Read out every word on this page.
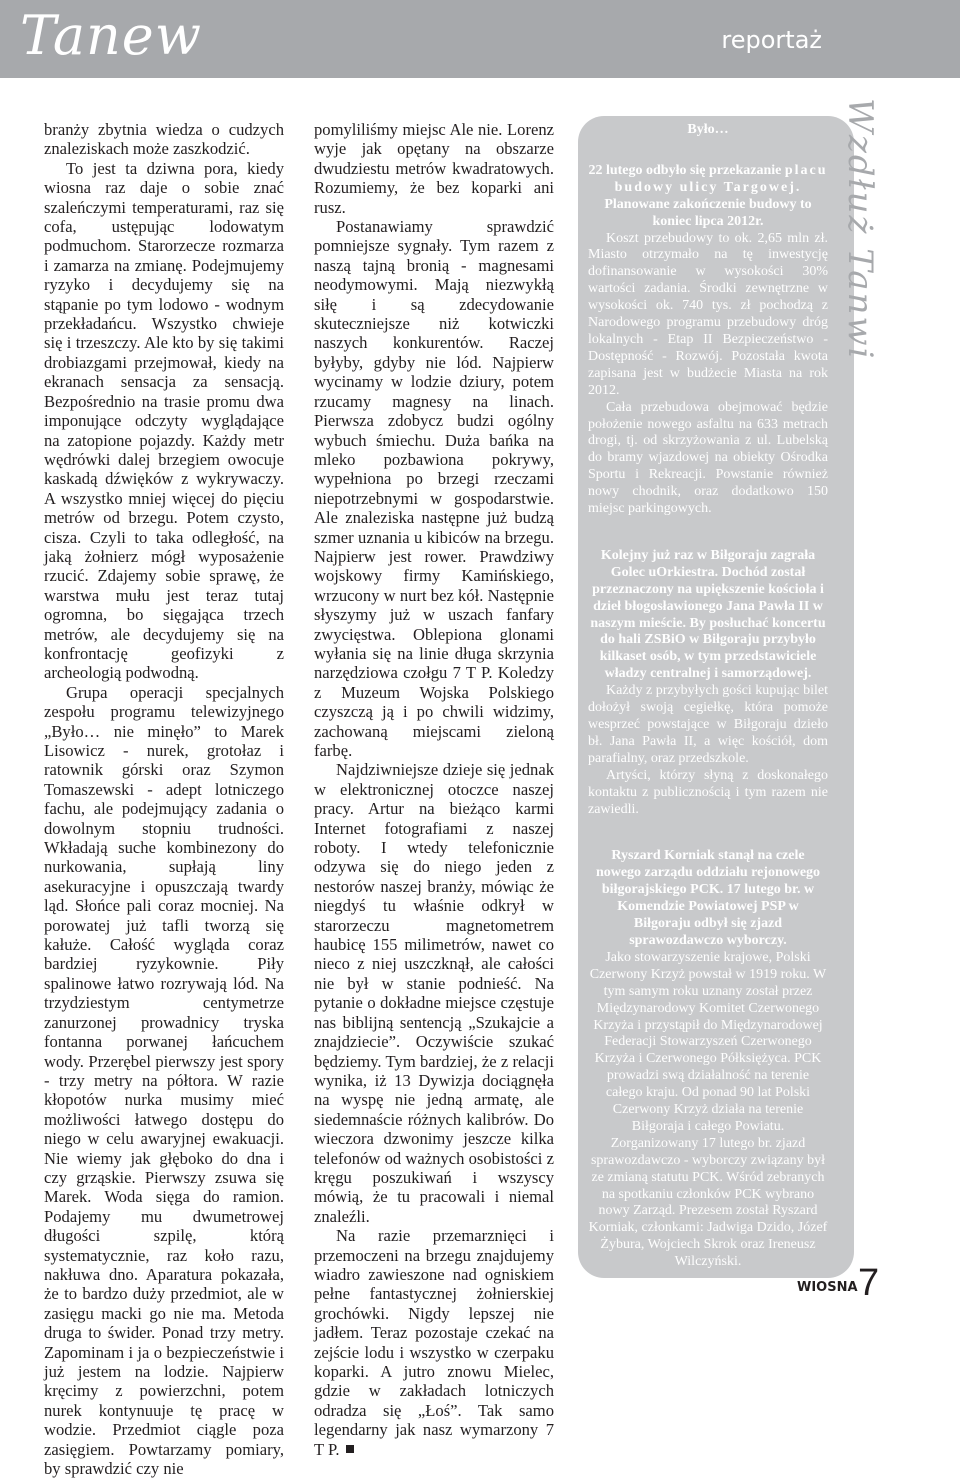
Tanew	reportaż

branży zbytnia wiedza o cudzych znaleziskach może zaszkodzić.

To jest ta dziwna pora, kiedy wiosna raz daje o sobie znać szaleńczymi temperaturami, raz się cofa, ustępując lodowatym podmuchom. Starorzecze rozmarza i zamarza na zmianę. Podejmujemy ryzyko i decydujemy się na stąpanie po tym lodowo - wodnym przekładańcu. Wszystko chwieje się i trzeszczy. Ale kto by się takimi drobiazgami przejmował, kiedy na ekranach sensacja za sensacją. Bezpośrednio na trasie promu dwa imponujące odczyty wyglądające na zatopione pojazdy. Każdy metr wędrówki dalej brzegiem owocuje kaskadą dźwięków z wykrywaczy. A wszystko mniej więcej do pięciu metrów od brzegu. Potem czysto, cisza. Czyli to taka odległość, na jaką żołnierz mógł wyposażenie rzucić. Zdajemy sobie sprawę, że warstwa mułu jest teraz tutaj ogromna, bo sięgająca trzech metrów, ale decydujemy się na konfrontację geofizyki z archeologią podwodną.

Grupa operacji specjalnych zespołu programu telewizyjnego „Było… nie minęło” to Marek Lisowicz - nurek, grotołaz i ratownik górski oraz Szymon Tomaszewski - adept lotniczego fachu, ale podejmujący zadania o dowolnym stopniu trudności. Wkładają suche kombinezony do nurkowania, supłają liny asekuracyjne i opuszczają twardy ląd. Słońce pali coraz mocniej. Na porowatej już tafli tworzą się kałuże. Całość wygląda coraz bardziej ryzykownie. Piły spalinowe łatwo rozrywają lód. Na trzydziestym centymetrze zanurzonej prowadnicy tryska fontanna porwanej łańcuchem wody. Przerębel pierwszy jest spory - trzy metry na półtora. W razie kłopotów nurka musimy mieć możliwości łatwego dostępu do niego w celu awaryjnej ewakuacji. Nie wiemy jak głęboko do dna i czy grząskie. Pierwszy zsuwa się Marek. Woda sięga do ramion. Podajemy mu dwumetrowej długości szpilę, którą systematycznie, raz koło razu, nakłuwa dno. Aparatura pokazała, że to bardzo duży przedmiot, ale w zasięgu macki go nie ma. Metoda druga to świder. Ponad trzy metry. Zapominam i ja o bezpieczeństwie i już jestem na lodzie. Najpierw kręcimy z powierzchni, potem nurek kontynuuje tę pracę w wodzie. Przedmiot ciągle poza zasięgiem. Powtarzamy pomiary, by sprawdzić czy nie

pomyliliśmy miejsc Ale nie. Lorenz wyje jak opętany na obszarze dwudziestu metrów kwadratowych. Rozumiemy, że bez koparki ani rusz.

Postanawiamy sprawdzić pomniejsze sygnały. Tym razem z naszą tajną bronią - magnesami neodymowymi. Mają niezwykłą siłę i są zdecydowanie skuteczniejsze niż kotwiczki naszych konkurentów. Raczej byłyby, gdyby nie lód. Najpierw wycinamy w lodzie dziury, potem rzucamy magnesy na linach. Pierwsza zdobycz budzi ogólny wybuch śmiechu. Duża bańka na mleko pozbawiona pokrywy, wypełniona po brzegi rzeczami niepotrzebnymi w gospodarstwie. Ale znaleziska następne już budzą szmer uznania u kibiców na brzegu. Najpierw jest rower. Prawdziwy wojskowy firmy Kamińskiego, wrzucony w nurt bez kół. Następnie słyszymy już w uszach fanfary zwycięstwa. Oblepiona glonami wyłania się na linie długa skrzynia narzędziowa czołgu 7 T P. Koledzy z Muzeum Wojska Polskiego czyszczą ją i po chwili widzimy, zachowaną miejscami zieloną farbę.

Najdziwniejsze dzieje się jednak w elektronicznej otoczce naszej pracy. Artur na bieżąco karmi Internet fotografiami z naszej roboty. I wtedy telefonicznie odzywa się do niego jeden z nestorów naszej branży, mówiąc że niegdyś tu właśnie odkrył w starorzeczu magnetometrem haubicę 155 milimetrów, nawet co nieco z niej uszczknął, ale całości nie był w stanie podnieść. Na pytanie o dokładne miejsce częstuje nas biblijną sentencją „Szukajcie a znajdziecie”. Oczywiście szukać będziemy. Tym bardziej, że z relacji wynika, iż 13 Dywizja dociągnęła na wyspę nie jedną armatę, ale siedemnaście różnych kalibrów. Do wieczora dzwonimy jeszcze kilka telefonów od ważnych osobistości z kręgu poszukiwań i wszyscy mówią, że tu pracowali i niemal znaleźli.

Na razie przemarznięci i przemoczeni na brzegu znajdujemy wiadro zawieszone nad ogniskiem pełne fantastycznej żołnierskiej grochówki. Nigdy lepszej nie jadłem. Teraz pozostaje czekać na zejście lodu i wszystko w czerpaku koparki. A jutro znowu Mielec, gdzie w zakładach lotniczych odradza się „Łoś”. Tak samo legendarny jak nasz wymarzony 7 T P.

Było…

22 lutego odbyło się przekazanie placu budowy ulicy Targowej. Planowane zakończenie budowy to koniec lipca 2012r.

Koszt przebudowy to ok. 2,65 mln zł. Miasto otrzymało na tę inwestycję dofinansowanie w wysokości 30% wartości zadania. Środki zewnętrzne w wysokości ok. 740 tys. zł pochodzą z Narodowego programu przebudowy dróg lokalnych - Etap II Bezpieczeństwo - Dostępność - Rozwój. Pozostała kwota zapisana jest w budżecie Miasta na rok 2012.

Cała przebudowa obejmować będzie położenie nowego asfaltu na 633 metrach drogi, tj. od skrzyżowania z ul. Lubelską do bramy wjazdowej na obiekty Ośrodka Sportu i Rekreacji. Powstanie również nowy chodnik, oraz dodatkowo 150 miejsc parkingowych.

Kolejny już raz w Biłgoraju zagrała Golec uOrkiestra. Dochód został przeznaczony na upiększenie kościoła i dzieł błogosławionego Jana Pawła II w naszym mieście. By posłuchać koncertu do hali ZSBiO w Biłgoraju przybyło kilkaset osób, w tym przedstawiciele władzy centralnej i samorządowej.

Każdy z przybyłych gości kupując bilet dołożył swoją cegiełkę, która pomoże wesprzeć powstające w Biłgoraju dzieło bł. Jana Pawła II, a więc kościół, dom parafialny, oraz przedszkole.

Artyści, którzy słyną z doskonałego kontaktu z publicznością i tym razem nie zawiedli.

Ryszard Korniak stanął na czele nowego zarządu oddziału rejonowego biłgorajskiego PCK. 17 lutego br. w Komendzie Powiatowej PSP w Biłgoraju odbył się zjazd sprawozdawczo wyborczy.

Jako stowarzyszenie krajowe, Polski Czerwony Krzyż powstał w 1919 roku. W tym samym roku uznany został przez Międzynarodowy Komitet Czerwonego Krzyża i przystąpił do Międzynarodowej Federacji Stowarzyszeń Czerwonego Krzyża i Czerwonego Półksiężyca. PCK prowadzi swą działalność na terenie całego kraju. Od ponad 90 lat Polski Czerwony Krzyż działa na terenie Biłgoraja i całego Powiatu. Zorganizowany 17 lutego br. zjazd sprawozdawczo - wyborczy związany był ze zmianą statutu PCK. Wśród zebranych na spotkaniu członków PCK wybrano nowy Zarząd. Prezesem został Ryszard Korniak, członkami: Jadwiga Dzido, Józef Żybura, Wojciech Skrok oraz Ireneusz Wilczyński.

Wzdłuż Tanwi
WIOSNA 7
